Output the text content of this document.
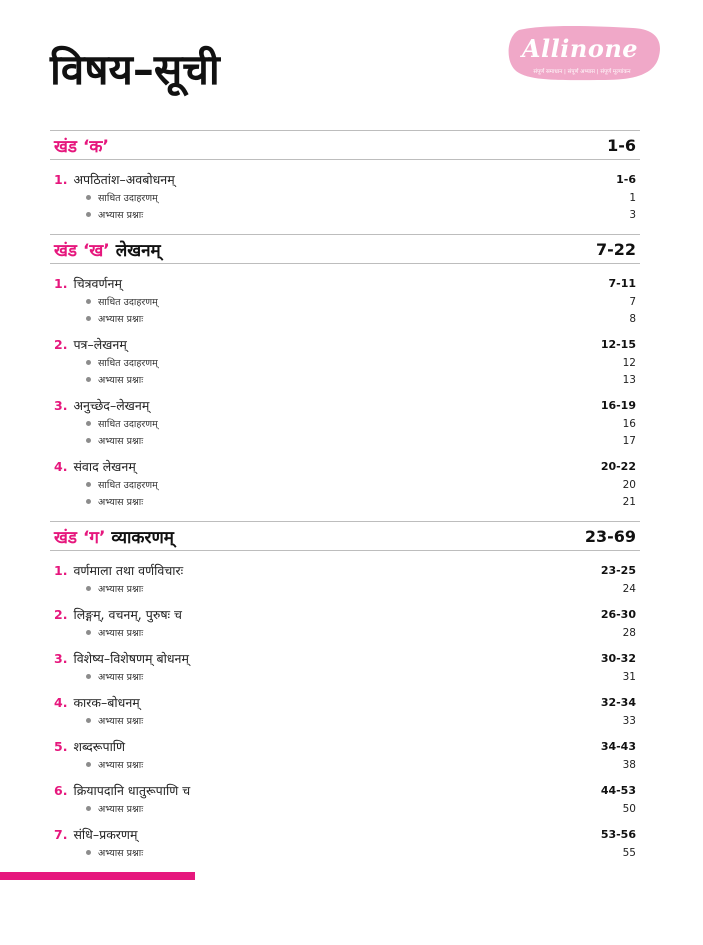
विषय–सूची	Allinone
संपूर्ण समाधान | संपूर्ण अभ्यास | संपूर्ण मूल्यांकन
खंड ‘क’	1-6
1. अपठितांश–अवबोधनम्	1-6
साधित उदाहरणम्	1
अभ्यास प्रश्नाः	3
खंड ‘ख’ लेखनम्	7-22
1. चित्रवर्णनम्	7-11
साधित उदाहरणम्	7
अभ्यास प्रश्नाः	8
2. पत्र–लेखनम्	12-15
साधित उदाहरणम्	12
अभ्यास प्रश्नाः	13
3. अनुच्छेद–लेखनम्	16-19
साधित उदाहरणम्	16
अभ्यास प्रश्नाः	17
4. संवाद लेखनम्	20-22
साधित उदाहरणम्	20
अभ्यास प्रश्नाः	21
खंड ‘ग’ व्याकरणम्	23-69
1. वर्णमाला तथा वर्णविचारः	23-25
अभ्यास प्रश्नाः	24
2. लिङ्गम्, वचनम्, पुरुषः च	26-30
अभ्यास प्रश्नाः	28
3. विशेष्य–विशेषणम् बोधनम्	30-32
अभ्यास प्रश्नाः	31
4. कारक–बोधनम्	32-34
अभ्यास प्रश्नाः	33
5. शब्दरूपाणि	34-43
अभ्यास प्रश्नाः	38
6. क्रियापदानि धातुरूपाणि च	44-53
अभ्यास प्रश्नाः	50
7. संधि–प्रकरणम्	53-56
अभ्यास प्रश्नाः	55
